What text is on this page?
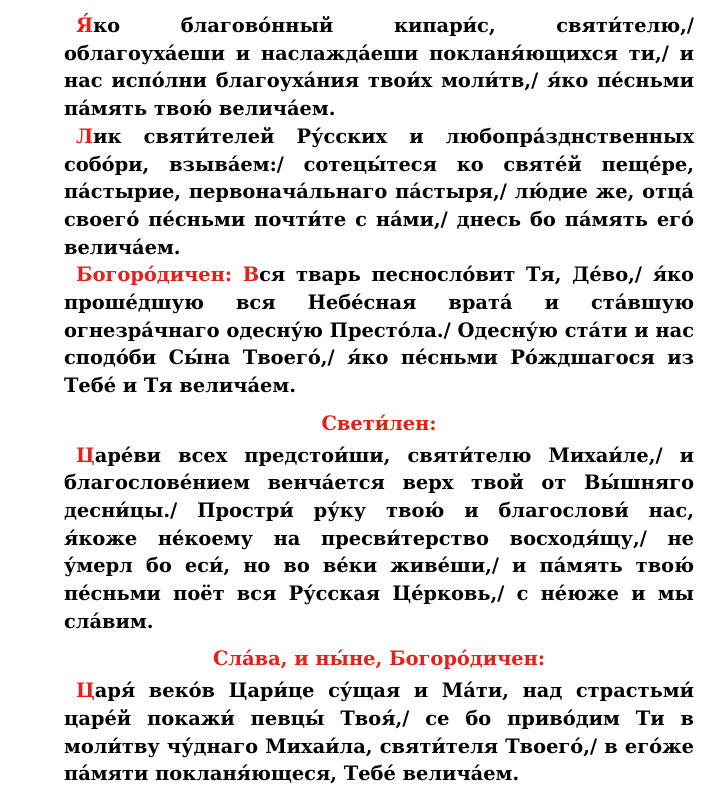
Я́ко благово́нный кипари́с, святи́телю,/ облагоуха́еши и наслажда́еши покланя́ющихся ти,/ и нас испо́лни благоуха́ния твои́х моли́тв,/ я́ко пе́сньми па́мять твою́ велича́ем.

Лик святи́телей Ру́сских и любопра́зднственных собо́ри, взыва́ем:/ сотецы́теся ко святе́й пеще́ре, па́стырие, первонача́льнаго па́стыря,/ лю́дие же, отца́ своего́ пе́сньми почти́те с на́ми,/ днесь бо па́мять его́ велича́ем.

Богоро́дичен: Вся тварь песносло́вит Тя, Де́во,/ я́ко проше́дшую вся Небе́сная врата́ и ста́вшую огнезра́чнаго одесну́ю Престо́ла./ Одесну́ю ста́ти и нас сподо́би Сы́на Твоего́,/ я́ко пе́сньми Ро́ждшагося из Тебе́ и Тя велича́ем.

Свети́лен:

Царе́ви всех предстои́ши, святи́телю Михаи́ле,/ и благослове́нием венча́ется верх твой от Вы́шняго десни́цы./ Простри́ ру́ку твою́ и благослови́ нас, я́коже не́коему на пресви́терство восходя́щу,/ не у́мерл бо еси́, но во ве́ки живе́ши,/ и па́мять твою́ пе́сньми поёт вся Ру́сская Це́рковь,/ с не́юже и мы сла́вим.

Сла́ва, и ны́не, Богоро́дичен:

Царя́ веко́в Цари́це су́щая и Ма́ти, над страстьми́ царе́й покажи́ певцы́ Твоя́,/ се бо приво́дим Ти в моли́тву чу́днаго Михаи́ла, святи́теля Твоего́,/ в его́же па́мяти покланя́ющеся, Тебе́ велича́ем.
